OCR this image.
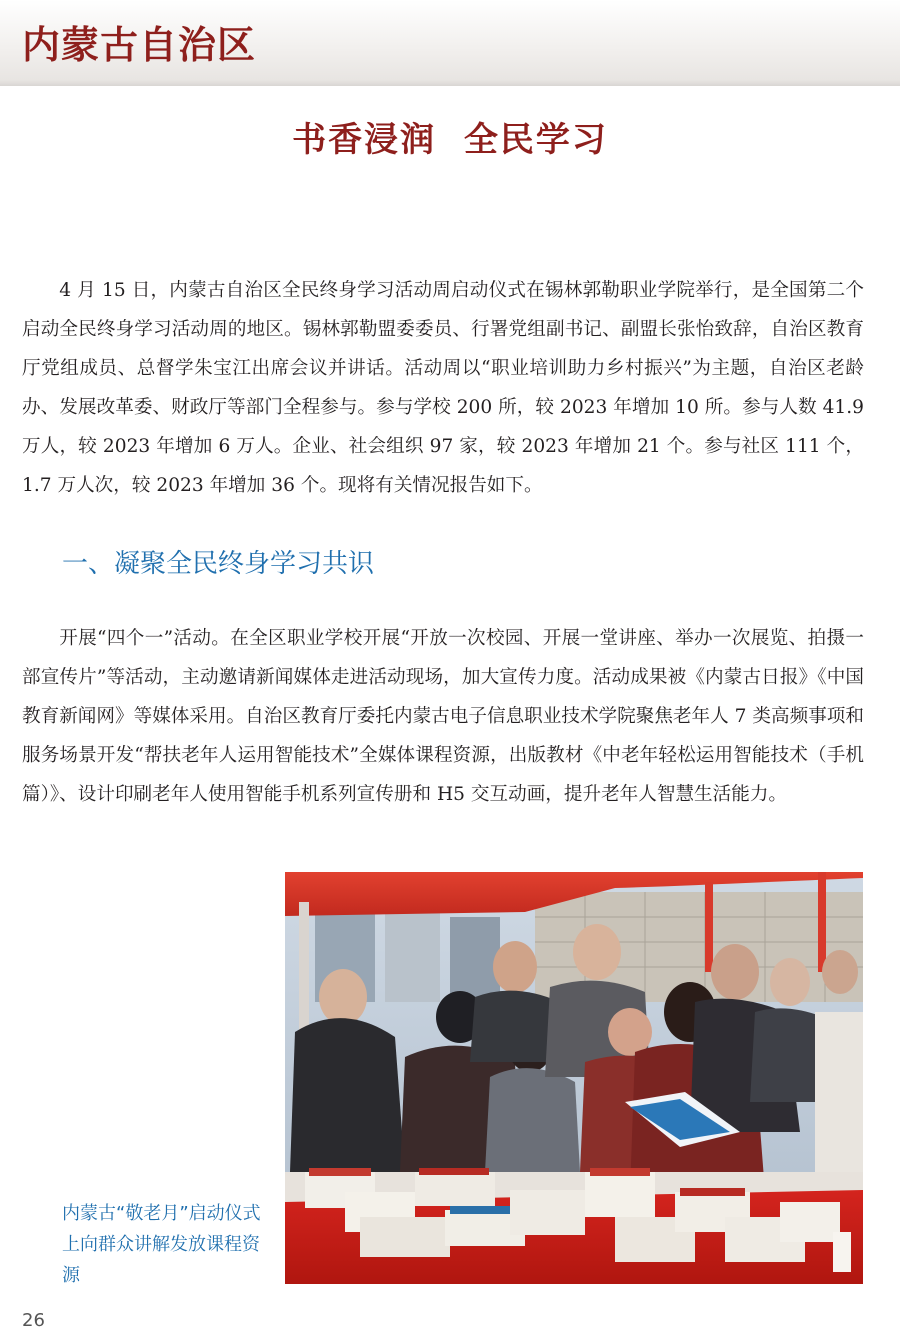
内蒙古自治区
书香浸润  全民学习

4 月 15 日，内蒙古自治区全民终身学习活动周启动仪式在锡林郭勒职业学院举行，是全国第二个启动全民终身学习活动周的地区。锡林郭勒盟委委员、行署党组副书记、副盟长张怡致辞，自治区教育厅党组成员、总督学朱宝江出席会议并讲话。活动周以“职业培训助力乡村振兴”为主题，自治区老龄办、发展改革委、财政厅等部门全程参与。参与学校 200 所，较 2023 年增加 10 所。参与人数 41.9 万人，较 2023 年增加 6 万人。企业、社会组织 97 家，较 2023 年增加 21 个。参与社区 111 个，1.7 万人次，较 2023 年增加 36 个。现将有关情况报告如下。

一、凝聚全民终身学习共识

开展“四个一”活动。在全区职业学校开展“开放一次校园、开展一堂讲座、举办一次展览、拍摄一部宣传片”等活动，主动邀请新闻媒体走进活动现场，加大宣传力度。活动成果被《内蒙古日报》《中国教育新闻网》等媒体采用。自治区教育厅委托内蒙古电子信息职业技术学院聚焦老年人 7 类高频事项和服务场景开发“帮扶老年人运用智能技术”全媒体课程资源，出版教材《中老年轻松运用智能技术（手机篇）》、设计印刷老年人使用智能手机系列宣传册和 H5 交互动画，提升老年人智慧生活能力。

内蒙古“敬老月”启动仪式上向群众讲解发放课程资源
26
